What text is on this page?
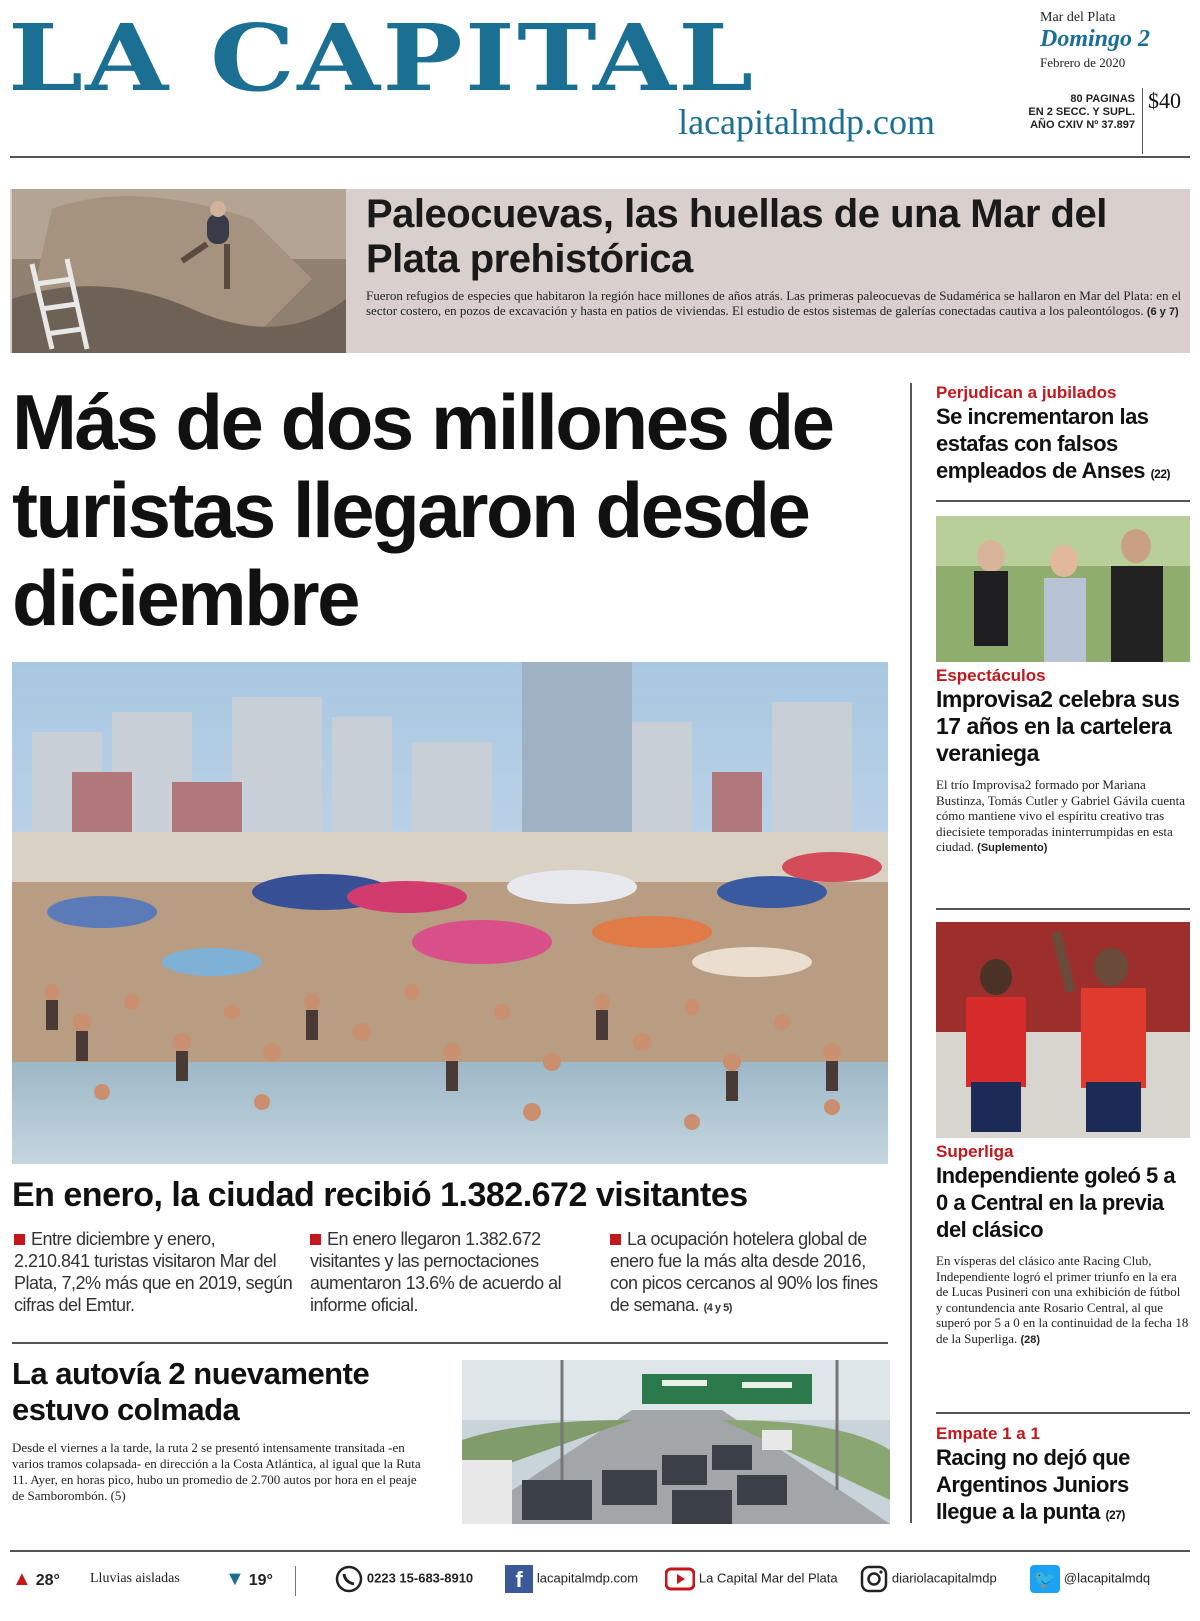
LA CAPITAL
lacapitalmdp.com
Mar del Plata
Domingo 2
Febrero de 2020
80 PAGINAS
EN 2 SECC. Y SUPL.
AÑO CXIV Nº 37.897
$40
Paleocuevas, las huellas de una Mar del Plata prehistórica
Fueron refugios de especies que habitaron la región hace millones de años atrás. Las primeras paleocuevas de Sudamérica se hallaron en Mar del Plata: en el sector costero, en pozos de excavación y hasta en patios de viviendas. El estudio de estos sistemas de galerías conectadas cautiva a los paleontólogos. (6 y 7)
Más de dos millones de turistas llegaron desde diciembre
En enero, la ciudad recibió 1.382.672 visitantes
Entre diciembre y enero, 2.210.841 turistas visitaron Mar del Plata, 7,2% más que en 2019, según cifras del Emtur.
En enero llegaron 1.382.672 visitantes y las pernoctaciones aumentaron 13.6% de acuerdo al informe oficial.
La ocupación hotelera global de enero fue la más alta desde 2016, con picos cercanos al 90% los fines de semana. (4 y 5)
La autovía 2 nuevamente estuvo colmada
Desde el viernes a la tarde, la ruta 2 se presentó intensamente transitada -en varios tramos colapsada- en dirección a la Costa Atlántica, al igual que la Ruta 11. Ayer, en horas pico, hubo un promedio de 2.700 autos por hora en el peaje de Samborombón. (5)
Perjudican a jubilados
Se incrementaron las estafas con falsos empleados de Anses (22)
Espectáculos
Improvisa2 celebra sus 17 años en la cartelera veraniega
El trío Improvisa2 formado por Mariana Bustinza, Tomás Cutler y Gabriel Gávila cuenta cómo mantiene vivo el espíritu creativo tras diecisiete temporadas ininterrumpidas en esta ciudad. (Suplemento)
Superliga
Independiente goleó 5 a 0 a Central en la previa del clásico
En vísperas del clásico ante Racing Club, Independiente logró el primer triunfo en la era de Lucas Pusineri con una exhibición de fútbol y contundencia ante Rosario Central, al que superó por 5 a 0 en la continuidad de la fecha 18 de la Superliga. (28)
Empate 1 a 1
Racing no dejó que Argentinos Juniors llegue a la punta (27)
▲ 28° Lluvias aisladas ▼ 19°	0223 15-683-8910	f lacapitalmdp.com	La Capital Mar del Plata	diariolacapitalmdp 🐦 @lacapitalmdq
